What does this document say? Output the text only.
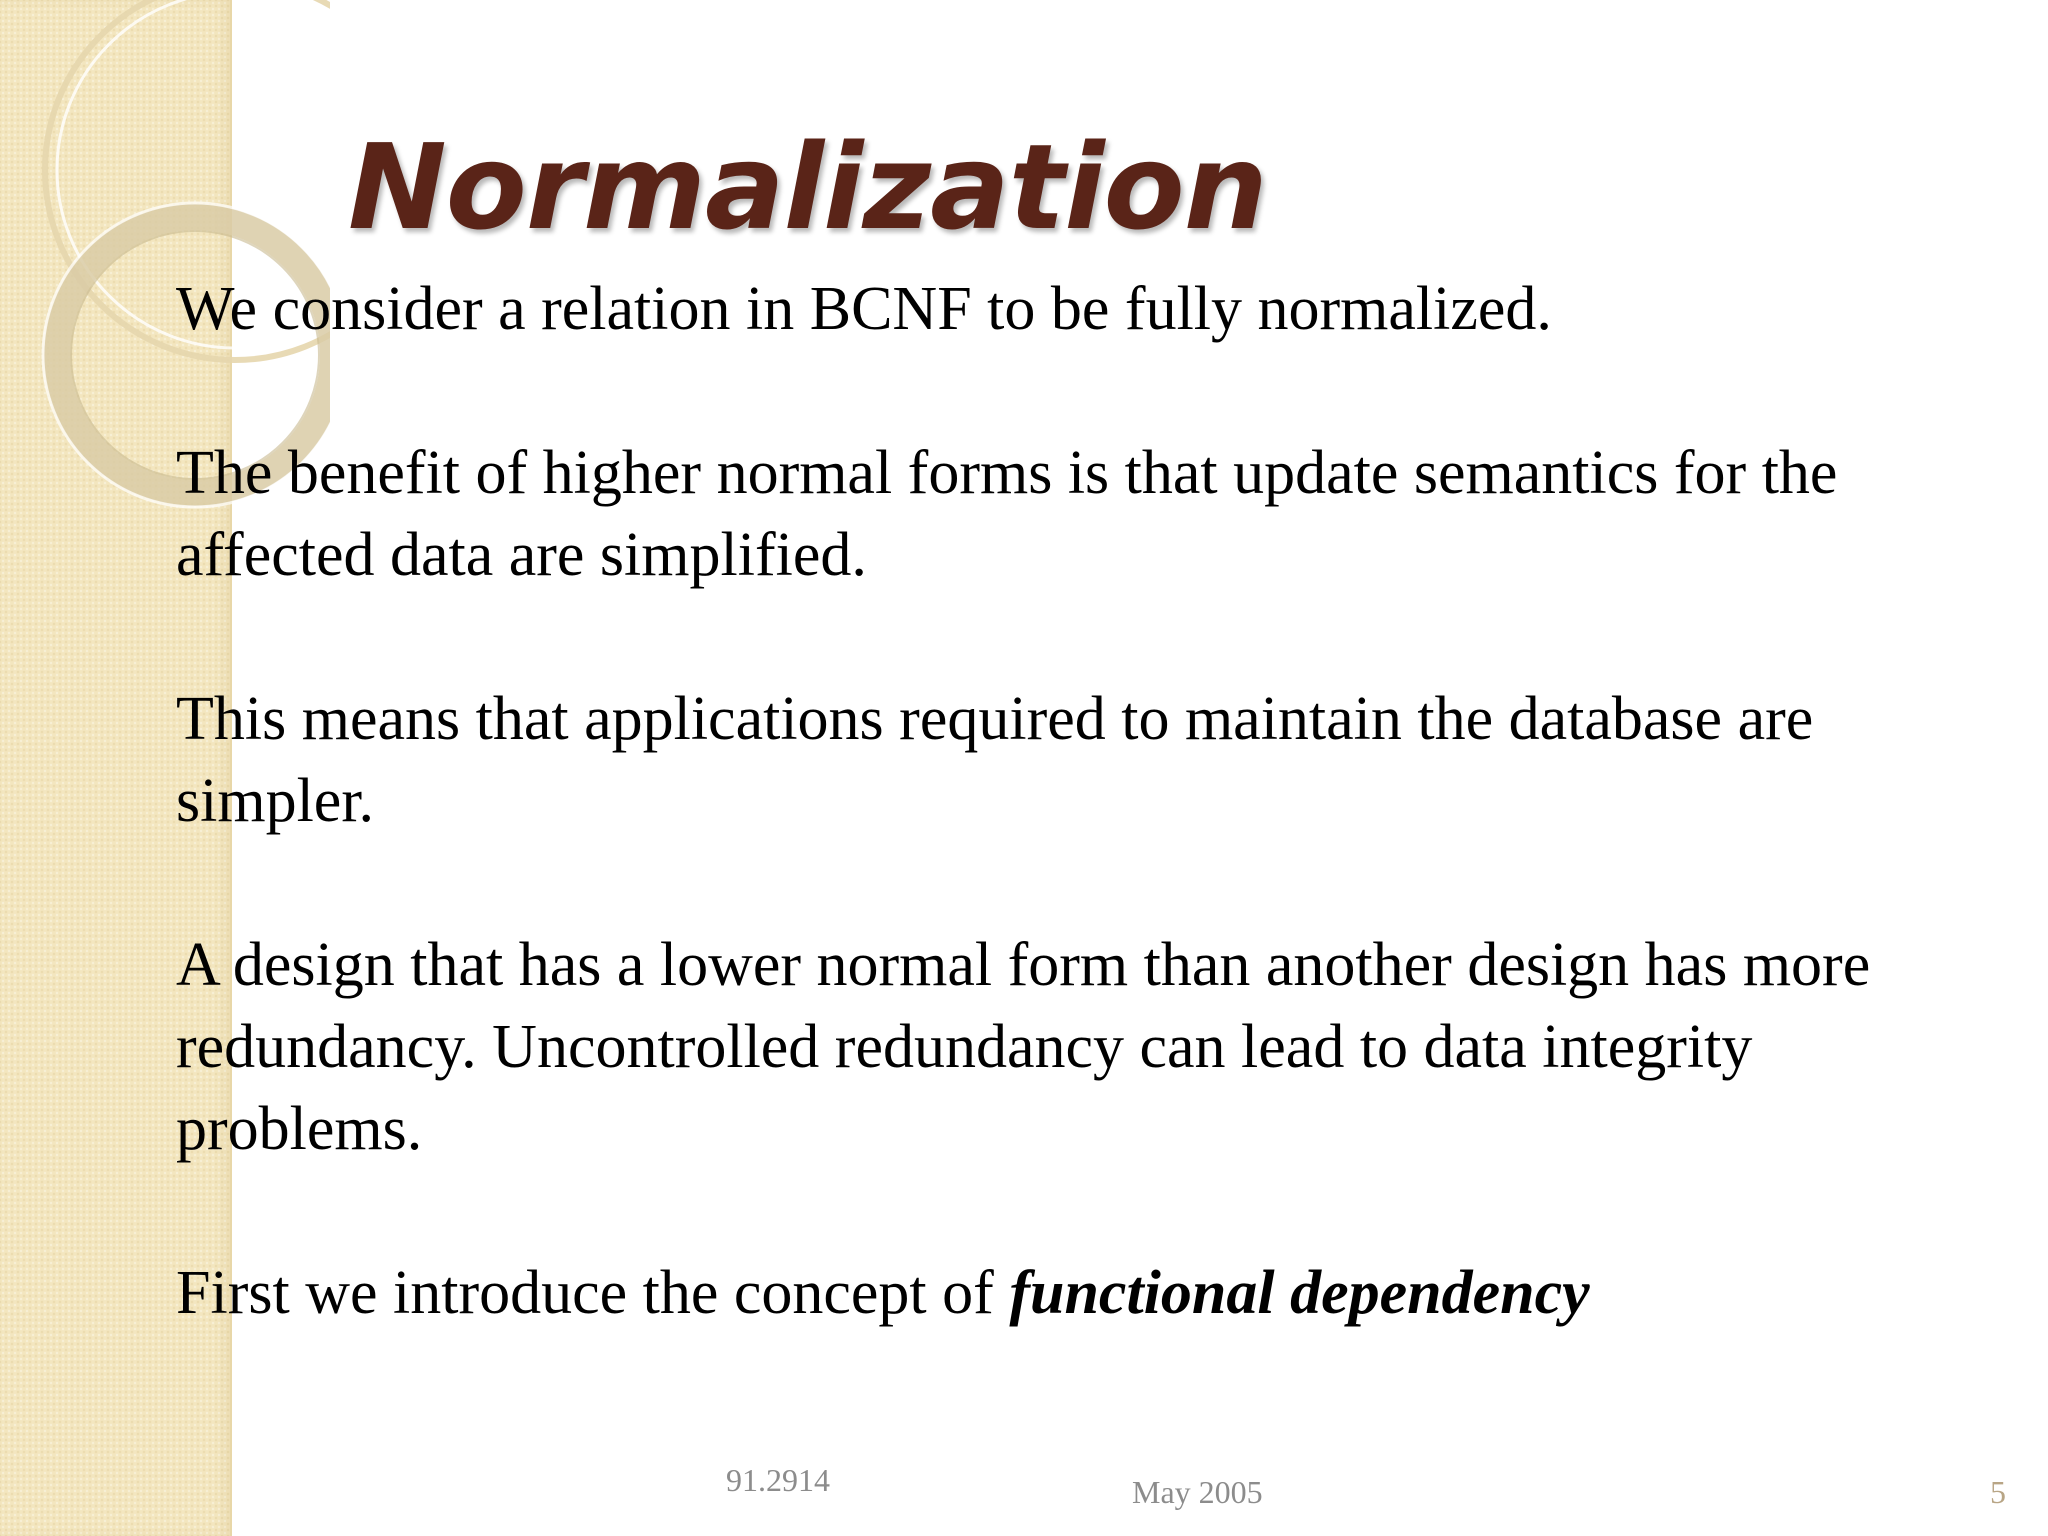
Normalization

We consider a relation in BCNF to be fully normalized.

The benefit of higher normal forms is that update semantics for the affected data are simplified.

This means that applications required to maintain the database are simpler.

A design that has a lower normal form than another design has more redundancy. Uncontrolled redundancy can lead to data integrity problems.

First we introduce the concept of functional dependency

91.2914	May 2005	5
